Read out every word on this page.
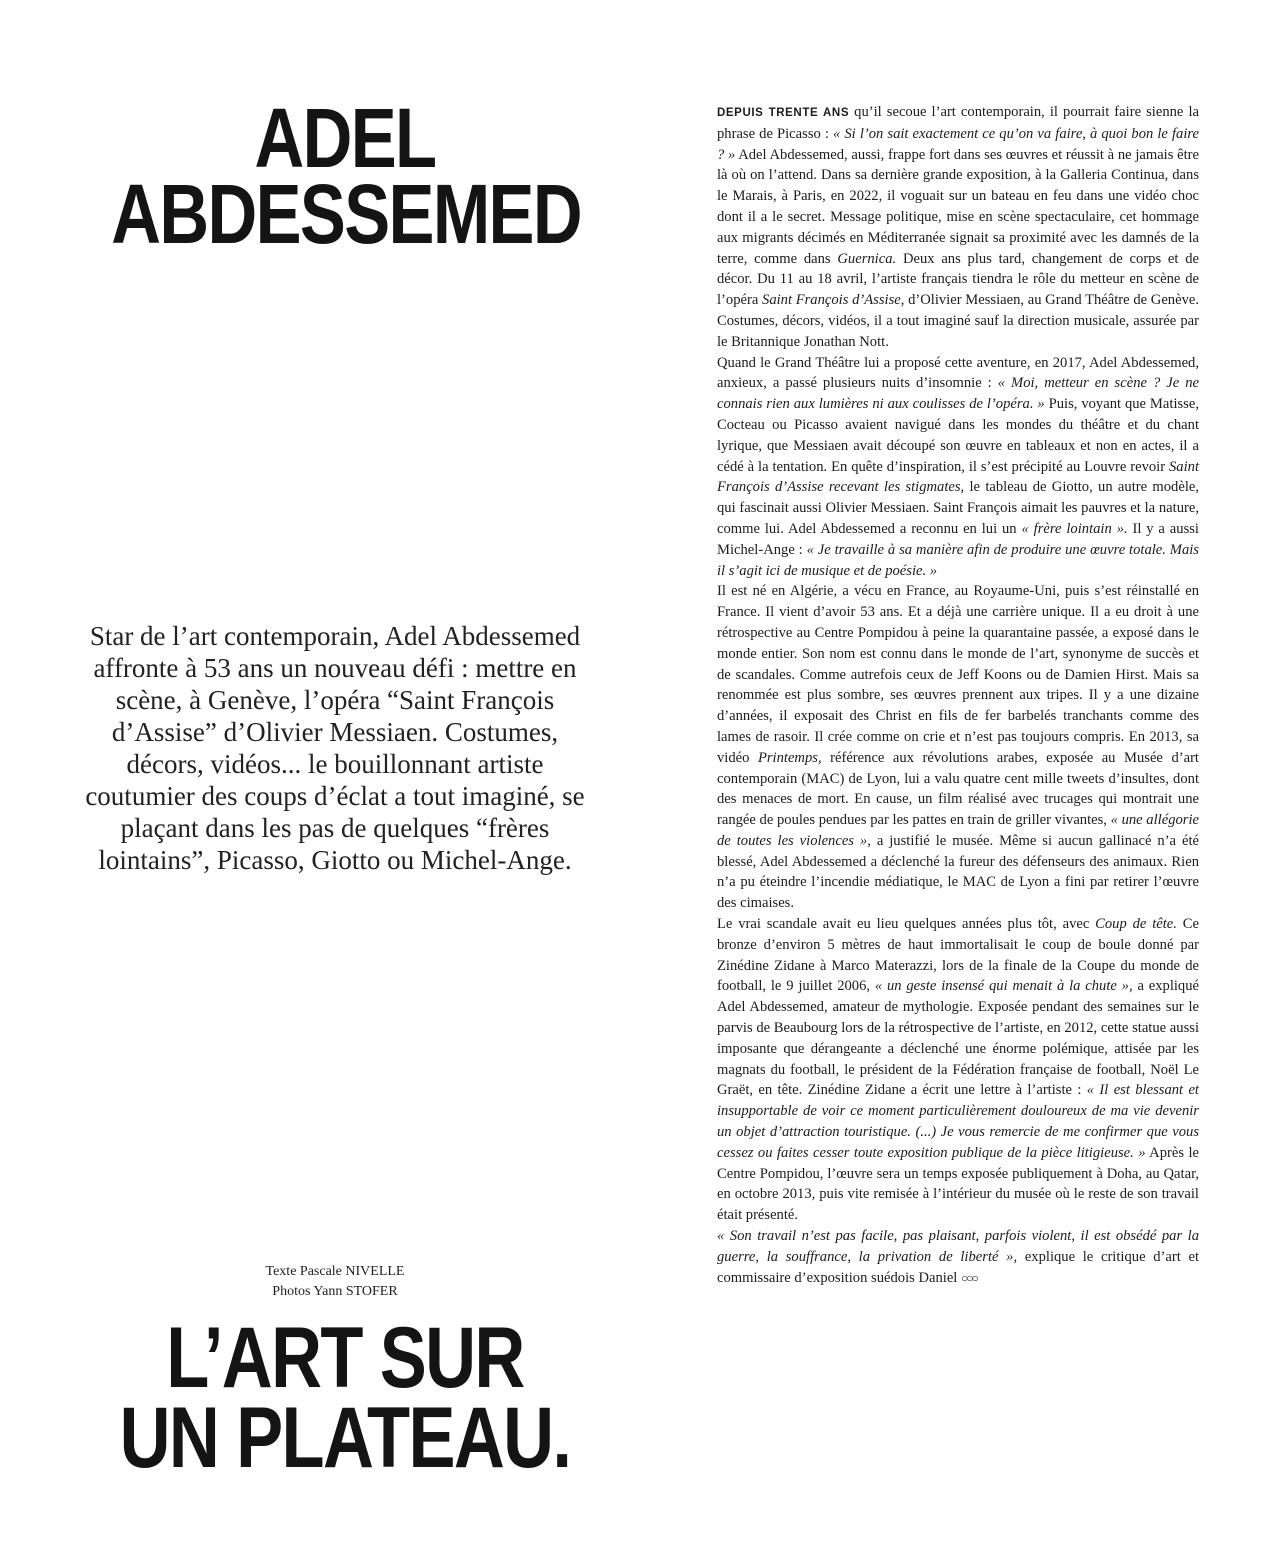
ADEL
ABDESSEMED

Star de l’art contemporain, Adel Abdessemed affronte à 53 ans un nouveau défi : mettre en scène, à Genève, l’opéra “Saint François d’Assise” d’Olivier Messiaen. Costumes, décors, vidéos... le bouillonnant artiste coutumier des coups d’éclat a tout imaginé, se plaçant dans les pas de quelques “frères lointains”, Picasso, Giotto ou Michel-Ange.

Texte Pascale NIVELLE
Photos Yann STOFER
L’ART SUR
UN PLATEAU.

DEPUIS TRENTE ANS qu’il secoue l’art contemporain, il pourrait faire sienne la phrase de Picasso : « Si l’on sait exactement ce qu’on va faire, à quoi bon le faire ? » Adel Abdessemed, aussi, frappe fort dans ses œuvres et réussit à ne jamais être là où on l’attend. Dans sa dernière grande exposition, à la Galleria Continua, dans le Marais, à Paris, en 2022, il voguait sur un bateau en feu dans une vidéo choc dont il a le secret. Message politique, mise en scène spectaculaire, cet hommage aux migrants décimés en Méditerranée signait sa proximité avec les damnés de la terre, comme dans Guernica. Deux ans plus tard, changement de corps et de décor. Du 11 au 18 avril, l’artiste français tiendra le rôle du metteur en scène de l’opéra Saint François d’Assise, d’Olivier Messiaen, au Grand Théâtre de Genève. Costumes, décors, vidéos, il a tout imaginé sauf la direction musicale, assurée par le Britannique Jonathan Nott.

Quand le Grand Théâtre lui a proposé cette aventure, en 2017, Adel Abdessemed, anxieux, a passé plusieurs nuits d’insomnie : « Moi, metteur en scène ? Je ne connais rien aux lumières ni aux coulisses de l’opéra. » Puis, voyant que Matisse, Cocteau ou Picasso avaient navigué dans les mondes du théâtre et du chant lyrique, que Messiaen avait découpé son œuvre en tableaux et non en actes, il a cédé à la tentation. En quête d’inspiration, il s’est précipité au Louvre revoir Saint François d’Assise recevant les stigmates, le tableau de Giotto, un autre modèle, qui fascinait aussi Olivier Messiaen. Saint François aimait les pauvres et la nature, comme lui. Adel Abdessemed a reconnu en lui un « frère lointain ». Il y a aussi Michel-Ange : « Je travaille à sa manière afin de produire une œuvre totale. Mais il s’agit ici de musique et de poésie. »

Il est né en Algérie, a vécu en France, au Royaume-Uni, puis s’est réinstallé en France. Il vient d’avoir 53 ans. Et a déjà une carrière unique. Il a eu droit à une rétrospective au Centre Pompidou à peine la quarantaine passée, a exposé dans le monde entier. Son nom est connu dans le monde de l’art, synonyme de succès et de scandales. Comme autrefois ceux de Jeff Koons ou de Damien Hirst. Mais sa renommée est plus sombre, ses œuvres prennent aux tripes. Il y a une dizaine d’années, il exposait des Christ en fils de fer barbelés tranchants comme des lames de rasoir. Il crée comme on crie et n’est pas toujours compris. En 2013, sa vidéo Printemps, référence aux révolutions arabes, exposée au Musée d’art contemporain (MAC) de Lyon, lui a valu quatre cent mille tweets d’insultes, dont des menaces de mort. En cause, un film réalisé avec trucages qui montrait une rangée de poules pendues par les pattes en train de griller vivantes, « une allégorie de toutes les violences », a justifié le musée. Même si aucun gallinacé n’a été blessé, Adel Abdessemed a déclenché la fureur des défenseurs des animaux. Rien n’a pu éteindre l’incendie médiatique, le MAC de Lyon a fini par retirer l’œuvre des cimaises.

Le vrai scandale avait eu lieu quelques années plus tôt, avec Coup de tête. Ce bronze d’environ 5 mètres de haut immortalisait le coup de boule donné par Zinédine Zidane à Marco Materazzi, lors de la finale de la Coupe du monde de football, le 9 juillet 2006, « un geste insensé qui menait à la chute », a expliqué Adel Abdessemed, amateur de mythologie. Exposée pendant des semaines sur le parvis de Beaubourg lors de la rétrospective de l’artiste, en 2012, cette statue aussi imposante que dérangeante a déclenché une énorme polémique, attisée par les magnats du football, le président de la Fédération française de football, Noël Le Graët, en tête. Zinédine Zidane a écrit une lettre à l’artiste : « Il est blessant et insupportable de voir ce moment particulièrement douloureux de ma vie devenir un objet d’attraction touristique. (...) Je vous remercie de me confirmer que vous cessez ou faites cesser toute exposition publique de la pièce litigieuse. » Après le Centre Pompidou, l’œuvre sera un temps exposée publiquement à Doha, au Qatar, en octobre 2013, puis vite remisée à l’intérieur du musée où le reste de son travail était présenté.

« Son travail n’est pas facile, pas plaisant, parfois violent, il est obsédé par la guerre, la souffrance, la privation de liberté », explique le critique d’art et commissaire d’exposition suédois Daniel ○○○
